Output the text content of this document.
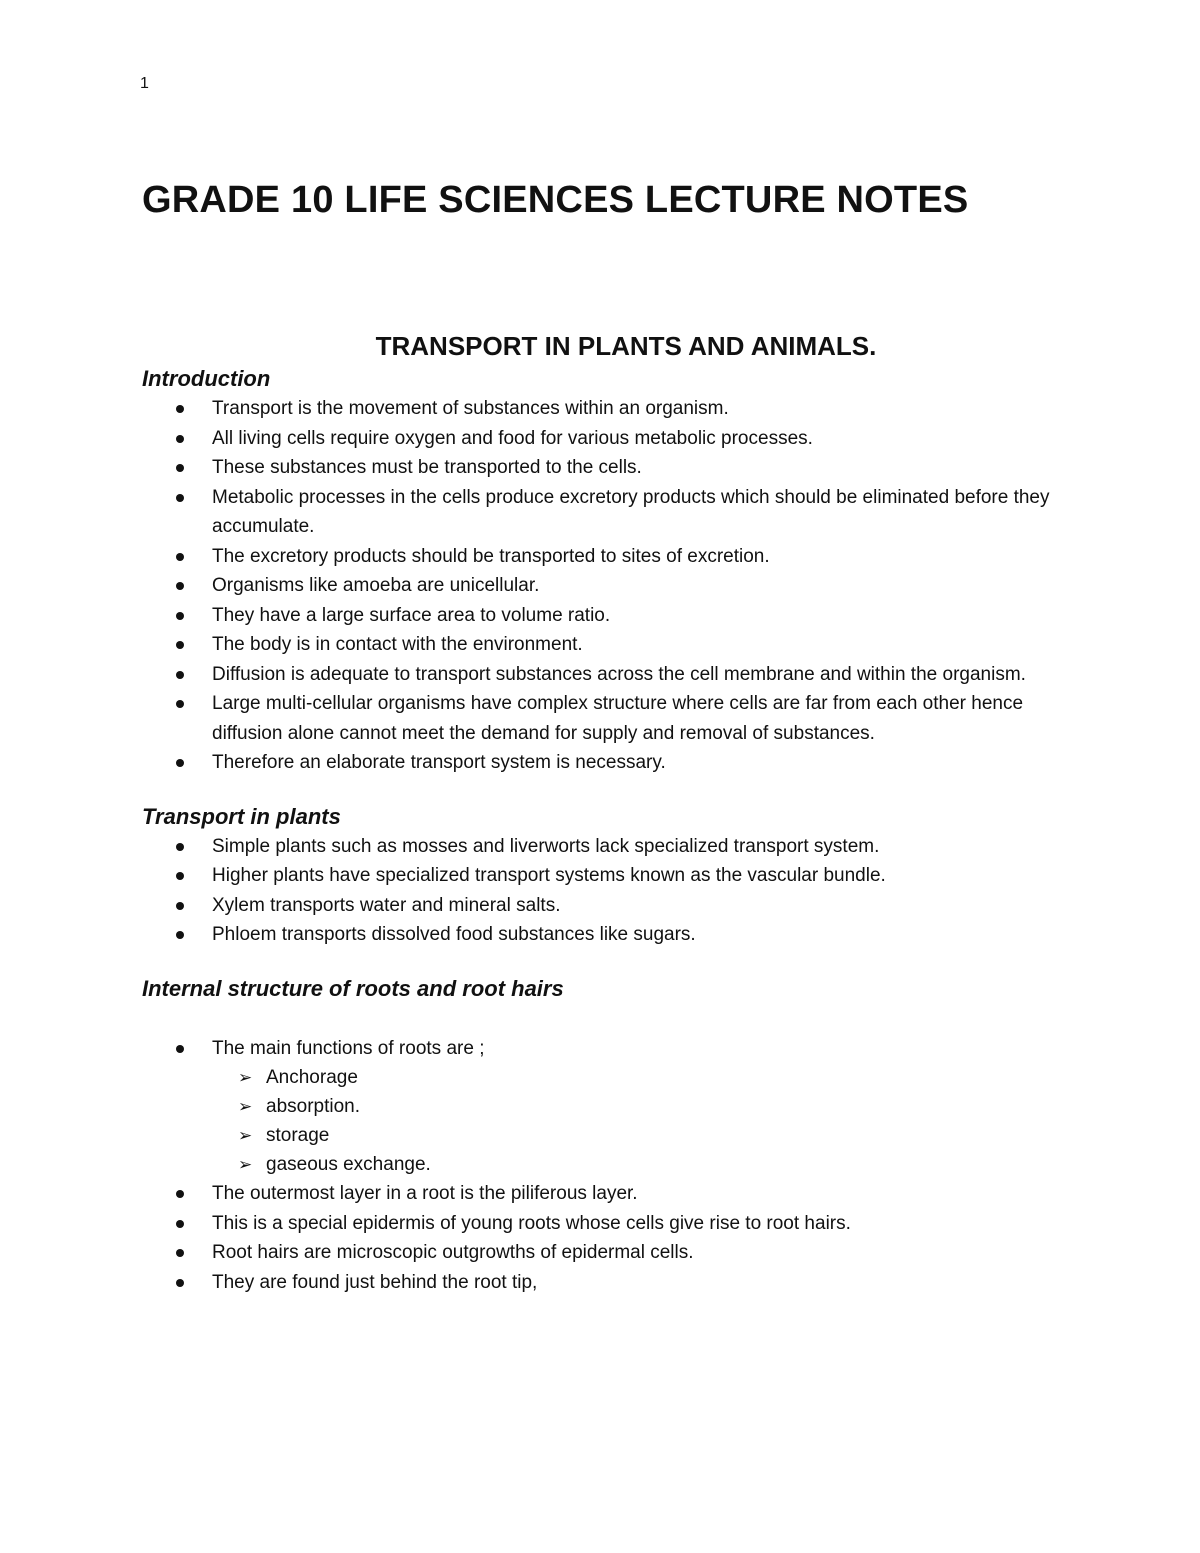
1
GRADE 10 LIFE SCIENCES LECTURE NOTES
TRANSPORT IN PLANTS AND ANIMALS.
Introduction
Transport is the movement of substances within an organism.
All living cells require oxygen and food for various metabolic processes.
These substances must be transported to the cells.
Metabolic processes in the cells produce excretory products which should be eliminated before they accumulate.
The excretory products should be transported to sites of excretion.
Organisms like amoeba are unicellular.
They have a large surface area to volume ratio.
The body is in contact with the environment.
Diffusion is adequate to transport substances across the cell membrane and within the organism.
Large multi-cellular organisms have complex structure where cells are far from each other hence diffusion alone cannot meet the demand for supply and removal of substances.
Therefore an elaborate transport system is necessary.
Transport in plants
Simple plants such as mosses and liverworts lack specialized transport system.
Higher plants have specialized transport systems known as the vascular bundle.
Xylem transports water and mineral salts.
Phloem transports dissolved food substances like sugars.
Internal structure of roots and root hairs
The main functions of roots are ;
➢ Anchorage
➢ absorption.
➢ storage
➢ gaseous exchange.
The outermost layer in a root is the piliferous layer.
This is a special epidermis of young roots whose cells give rise to root hairs.
Root hairs are microscopic outgrowths of epidermal cells.
They are found just behind the root tip,
